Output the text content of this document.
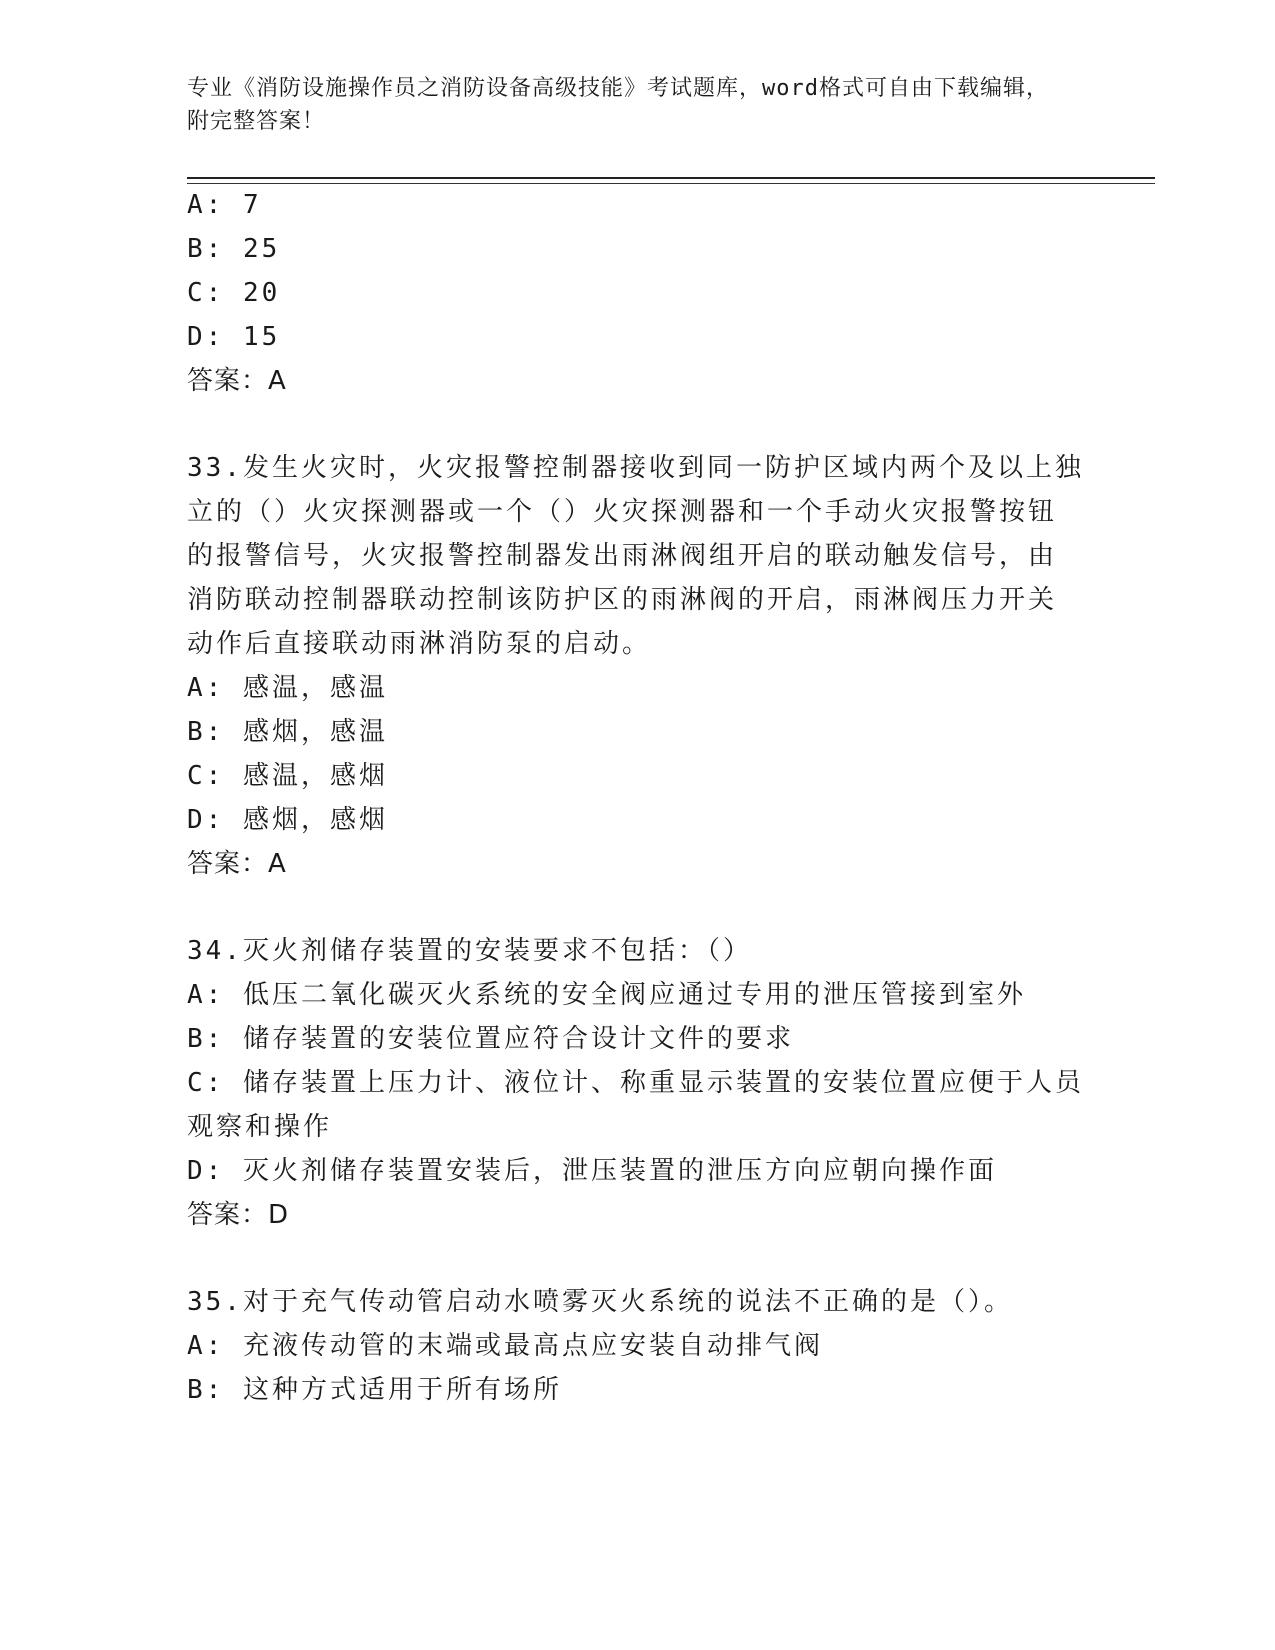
专业《消防设施操作员之消防设备高级技能》考试题库，word格式可自由下载编辑，附完整答案！
A: 7
B: 25
C: 20
D: 15
答案：A
33.发生火灾时，火灾报警控制器接收到同一防护区域内两个及以上独
立的（）火灾探测器或一个（）火灾探测器和一个手动火灾报警按钮
的报警信号，火灾报警控制器发出雨淋阀组开启的联动触发信号，由
消防联动控制器联动控制该防护区的雨淋阀的开启，雨淋阀压力开关
动作后直接联动雨淋消防泵的启动。
A: 感温，感温
B: 感烟，感温
C: 感温，感烟
D: 感烟，感烟
答案：A
34.灭火剂储存装置的安装要求不包括：（）
A: 低压二氧化碳灭火系统的安全阀应通过专用的泄压管接到室外
B: 储存装置的安装位置应符合设计文件的要求
C: 储存装置上压力计、液位计、称重显示装置的安装位置应便于人员
观察和操作
D: 灭火剂储存装置安装后，泄压装置的泄压方向应朝向操作面
答案：D
35.对于充气传动管启动水喷雾灭火系统的说法不正确的是（）。
A: 充液传动管的末端或最高点应安装自动排气阀
B: 这种方式适用于所有场所
